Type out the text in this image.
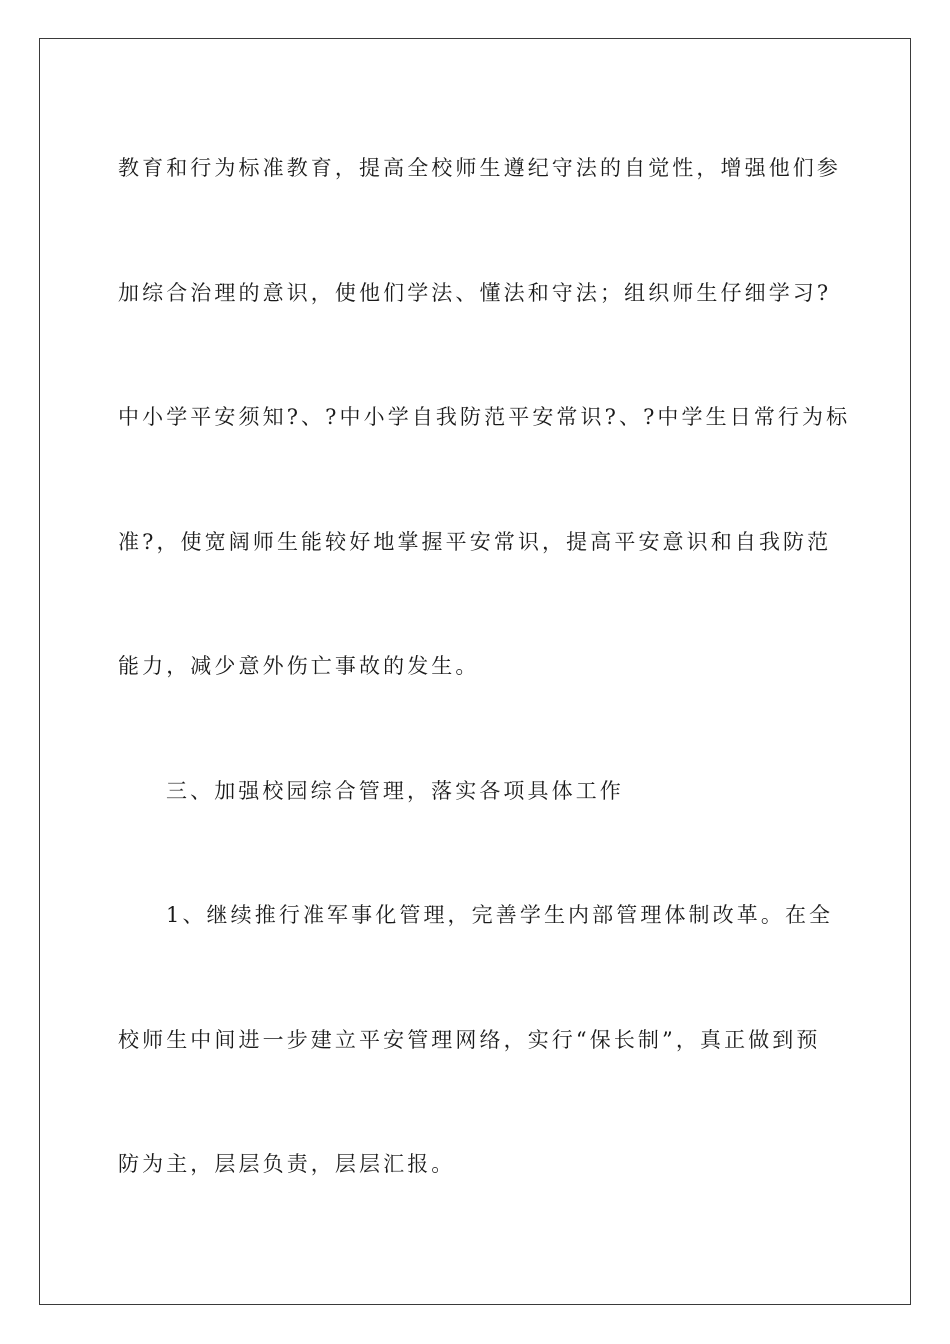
教育和行为标准教育，提高全校师生遵纪守法的自觉性，增强他们参

加综合治理的意识，使他们学法、懂法和守法；组织师生仔细学习?

中小学平安须知?、?中小学自我防范平安常识?、?中学生日常行为标

准?，使宽阔师生能较好地掌握平安常识，提高平安意识和自我防范

能力，减少意外伤亡事故的发生。

三、加强校园综合管理，落实各项具体工作

1、继续推行准军事化管理，完善学生内部管理体制改革。在全

校师生中间进一步建立平安管理网络，实行“保长制”，真正做到预

防为主，层层负责，层层汇报。
